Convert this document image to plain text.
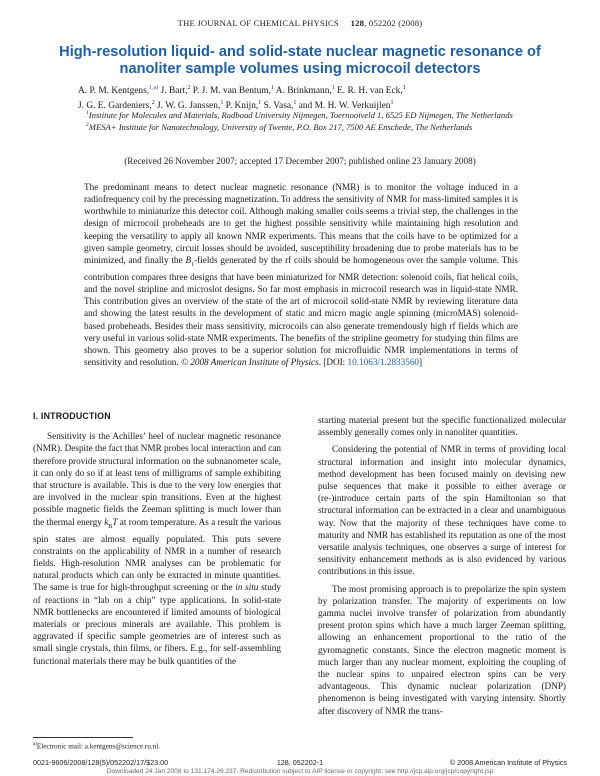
THE JOURNAL OF CHEMICAL PHYSICS 128, 052202 (2008)
High-resolution liquid- and solid-state nuclear magnetic resonance of nanoliter sample volumes using microcoil detectors
A. P. M. Kentgens,$^{1,a)}$ J. Bart,$^2$ P. J. M. van Bentum,$^1$ A. Brinkmann,$^1$ E. R. H. van Eck,$^1$
J. G. E. Gardeniers,$^2$ J. W. G. Janssen,$^1$ P. Knijn,$^1$ S. Vasa,$^1$ and M. H. W. Verkuijlen$^1$
$^1$Institute for Molecules and Materials, Radboud University Nijmegen, Toernooiveld 1, 6525 ED Nijmegen, The Netherlands
$^2$MESA+ Institute for Nanotechnology, University of Twente, P.O. Box 217, 7500 AE Enschede, The Netherlands
(Received 26 November 2007; accepted 17 December 2007; published online 23 January 2008)
The predominant means to detect nuclear magnetic resonance (NMR) is to monitor the voltage induced in a radiofrequency coil by the precessing magnetization. To address the sensitivity of NMR for mass-limited samples it is worthwhile to miniaturize this detector coil. Although making smaller coils seems a trivial step, the challenges in the design of microcoil probeheads are to get the highest possible sensitivity while maintaining high resolution and keeping the versatility to apply all known NMR experiments. This means that the coils have to be optimized for a given sample geometry, circuit losses should be avoided, susceptibility broadening due to probe materials has to be minimized, and finally the $B_1$-fields generated by the rf coils should be homogeneous over the sample volume. This contribution compares three designs that have been miniaturized for NMR detection: solenoid coils, flat helical coils, and the novel stripline and microslot designs. So far most emphasis in microcoil research was in liquid-state NMR. This contribution gives an overview of the state of the art of microcoil solid-state NMR by reviewing literature data and showing the latest results in the development of static and micro magic angle spinning (microMAS) solenoid-based probeheads. Besides their mass sensitivity, microcoils can also generate tremendously high rf fields which are very useful in various solid-state NMR experiments. The benefits of the stripline geometry for studying thin films are shown. This geometry also proves to be a superior solution for microfluidic NMR implementations in terms of sensitivity and resolution. © 2008 American Institute of Physics. [DOI: 10.1063/1.2833560]
I. INTRODUCTION

Sensitivity is the Achilles’ heel of nuclear magnetic resonance (NMR). Despite the fact that NMR probes local interaction and can therefore provide structural information on the subnanometer scale, it can only do so if at least tens of milligrams of sample exhibiting that structure is available. This is due to the very low energies that are involved in the nuclear spin transitions. Even at the highest possible magnetic fields the Zeeman splitting is much lower than the thermal energy $k_BT$ at room temperature. As a result the various spin states are almost equally populated. This puts severe constraints on the applicability of NMR in a number of research fields. High-resolution NMR analyses can be problematic for natural products which can only be extracted in minute quantities. The same is true for high-throughput screening or the in situ study of reactions in “lab on a chip” type applications. In solid-state NMR bottlenecks are encountered if limited amounts of biological materials or precious minerals are available. This problem is aggravated if specific sample geometries are of interest such as small single crystals, thin films, or fibers. E.g., for self-assembling functional materials there may be bulk quantities of the

starting material present but the specific functionalized molecular assembly generally comes only in nanoliter quantities.

Considering the potential of NMR in terms of providing local structural information and insight into molecular dynamics, method development has been focused mainly on devising new pulse sequences that make it possible to either average or (re-)introduce certain parts of the spin Hamiltonian so that structural information can be extracted in a clear and unambiguous way. Now that the majority of these techniques have come to maturity and NMR has established its reputation as one of the most versatile analysis techniques, one observes a surge of interest for sensitivity enhancement methods as is also evidenced by various contributions in this issue.

The most promising approach is to prepolarize the spin system by polarization transfer. The majority of experiments on low gamma nuclei involve transfer of polarization from abundantly present proton spins which have a much larger Zeeman splitting, allowing an enhancement proportional to the ratio of the gyromagnetic constants. Since the electron magnetic moment is much larger than any nuclear moment, exploiting the coupling of the nuclear spins to unpaired electron spins can be very advantageous. This dynamic nuclear polarization (DNP) phenomenon is being investigated with varying intensity. Shortly after discovery of NMR the trans-

$^{a)}$Electronic mail: a.kentgens@science.ru.nl.
0021-9606/2008/128(5)/052202/17/$23.00	128, 052202-1	© 2008 American Institute of Physics
Downloaded 24 Jan 2008 to 131.174.26.237. Redistribution subject to AIP license or copyright; see http://jcp.aip.org/jcp/copyright.jsp
